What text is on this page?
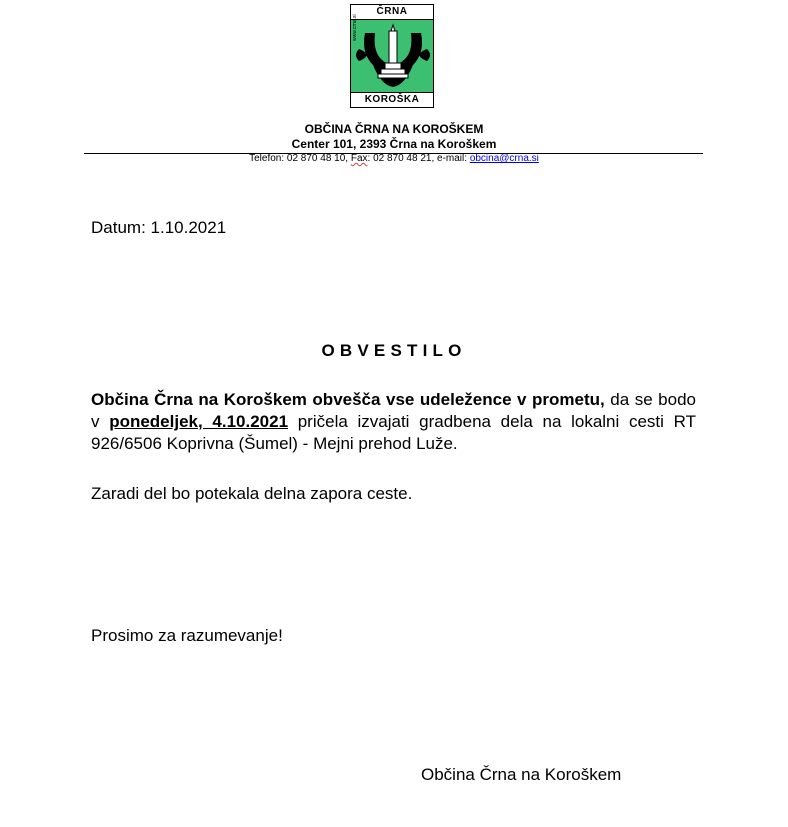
ČRNA
www.crna.si
KOROŠKA
OBČINA ČRNA NA KOROŠKEM
Center 101, 2393 Črna na Koroškem
Telefon: 02 870 48 10, Fax: 02 870 48 21, e-mail: obcina@crna.si
Datum: 1.10.2021
OBVESTILO
Občina Črna na Koroškem obvešča vse udeležence v prometu, da se bodo v ponedeljek, 4.10.2021 pričela izvajati gradbena dela na lokalni cesti RT 926/6506 Koprivna (Šumel) - Mejni prehod Luže.
Zaradi del bo potekala delna zapora ceste.
Prosimo za razumevanje!
Občina Črna na Koroškem
